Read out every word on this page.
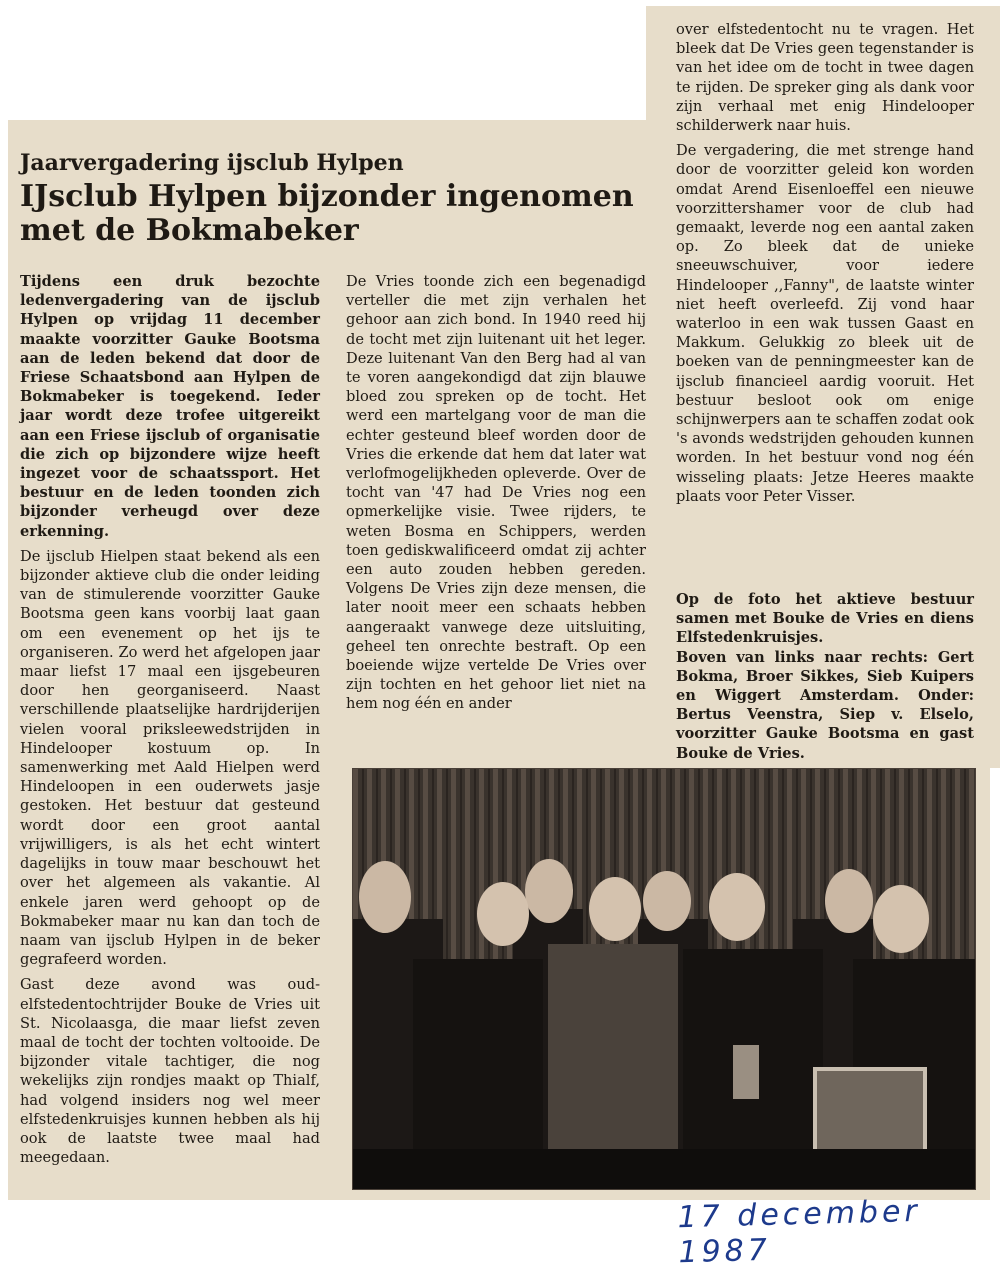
Jaarvergadering ijsclub Hylpen
IJsclub Hylpen bijzonder ingenomen met de Bokmabeker

Tijdens een druk bezochte ledenvergadering van de ijsclub Hylpen op vrijdag 11 december maakte voorzitter Gauke Bootsma aan de leden bekend dat door de Friese Schaatsbond aan Hylpen de Bokmabeker is toegekend. Ieder jaar wordt deze trofee uitgereikt aan een Friese ijsclub of organisatie die zich op bijzondere wijze heeft ingezet voor de schaatssport. Het bestuur en de leden toonden zich bijzonder verheugd over deze erkenning.

De ijsclub Hielpen staat bekend als een bijzonder aktieve club die onder leiding van de stimulerende voorzitter Gauke Bootsma geen kans voorbij laat gaan om een evenement op het ijs te organiseren. Zo werd het afgelopen jaar maar liefst 17 maal een ijsgebeuren door hen georganiseerd. Naast verschillende plaatselijke hardrijderijen vielen vooral priksleewedstrijden in Hindelooper kostuum op. In samenwerking met Aald Hielpen werd Hindeloopen in een ouderwets jasje gestoken. Het bestuur dat gesteund wordt door een groot aantal vrijwilligers, is als het echt wintert dagelijks in touw maar beschouwt het over het algemeen als vakantie. Al enkele jaren werd gehoopt op de Bokmabeker maar nu kan dan toch de naam van ijsclub Hylpen in de beker gegrafeerd worden.

Gast deze avond was oud-elfstedentochtrijder Bouke de Vries uit St. Nicolaasga, die maar liefst zeven maal de tocht der tochten voltooide. De bijzonder vitale tachtiger, die nog wekelijks zijn rondjes maakt op Thialf, had volgend insiders nog wel meer elfstedenkruisjes kunnen hebben als hij ook de laatste twee maal had meegedaan.

De Vries toonde zich een begenadigd verteller die met zijn verhalen het gehoor aan zich bond. In 1940 reed hij de tocht met zijn luitenant uit het leger. Deze luitenant Van den Berg had al van te voren aangekondigd dat zijn blauwe bloed zou spreken op de tocht. Het werd een martelgang voor de man die echter gesteund bleef worden door de Vries die erkende dat hem dat later wat verlofmogelijkheden opleverde. Over de tocht van '47 had De Vries nog een opmerkelijke visie. Twee rijders, te weten Bosma en Schippers, werden toen gediskwalificeerd omdat zij achter een auto zouden hebben gereden. Volgens De Vries zijn deze mensen, die later nooit meer een schaats hebben aangeraakt vanwege deze uitsluiting, geheel ten onrechte bestraft. Op een boeiende wijze vertelde De Vries over zijn tochten en het gehoor liet niet na hem nog één en ander

over elfstedentocht nu te vragen. Het bleek dat De Vries geen tegenstander is van het idee om de tocht in twee dagen te rijden. De spreker ging als dank voor zijn verhaal met enig Hindelooper schilderwerk naar huis.

De vergadering, die met strenge hand door de voorzitter geleid kon worden omdat Arend Eisenloeffel een nieuwe voorzittershamer voor de club had gemaakt, leverde nog een aantal zaken op. Zo bleek dat de unieke sneeuwschuiver, voor iedere Hindelooper ,,Fanny", de laatste winter niet heeft overleefd. Zij vond haar waterloo in een wak tussen Gaast en Makkum. Gelukkig zo bleek uit de boeken van de penningmeester kan de ijsclub financieel aardig vooruit. Het bestuur besloot ook om enige schijnwerpers aan te schaffen zodat ook 's avonds wedstrijden gehouden kunnen worden. In het bestuur vond nog één wisseling plaats: Jetze Heeres maakte plaats voor Peter Visser.

Op de foto het aktieve bestuur samen met Bouke de Vries en diens Elfstedenkruisjes.

Boven van links naar rechts: Gert Bokma, Broer Sikkes, Sieb Kuipers en Wiggert Amsterdam. Onder: Bertus Veenstra, Siep v. Elselo, voorzitter Gauke Bootsma en gast Bouke de Vries.

17 december 1987
